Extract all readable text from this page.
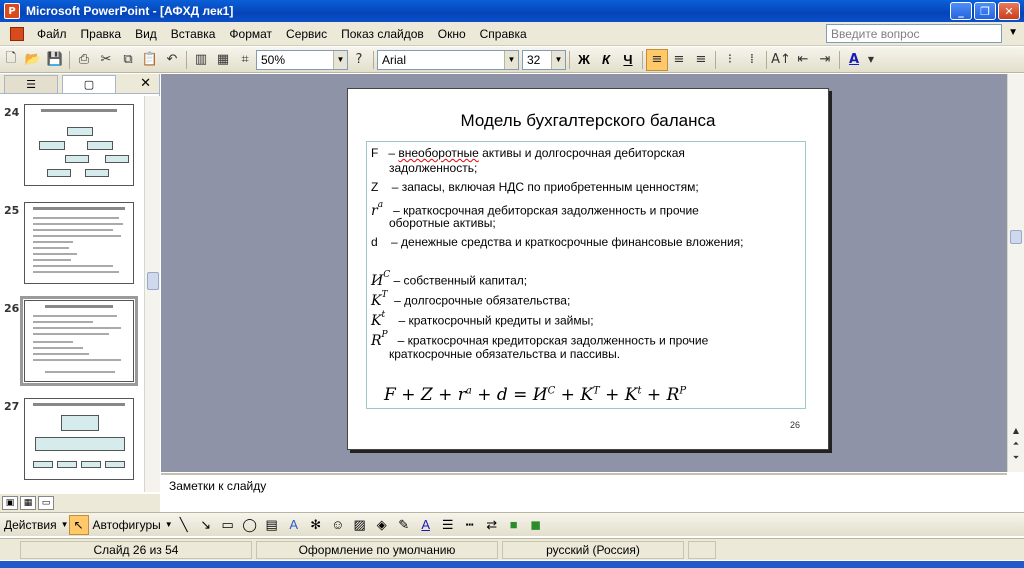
P Microsoft PowerPoint - [АФХД лек1]	_	❐	✕
Файл	Правка	Вид	Вставка	Формат	Сервис	Показ слайдов	Окно	Справка	Введите вопрос	▼
🗋 📂 💾	⎙ ✂ ⧉ 📋 ↶	▥ ▦ ⌗	50%	▼ ?	Arial	▼ 32	▼	Ж К	Ч	≡ ≡ ≡	⁝	⁞	A↑ ⇤ ⇥	A	▼
☰	▢	✕
24
25
26
27
▣	▦	▭
Модель бухгалтерского баланса
F – внеоборотные активы и долгосрочная дебиторская
задолженность;
Z – запасы, включая НДС по приобретенным ценностям;
$r^a$ – краткосрочная дебиторская задолженность и прочие
оборотные активы;
d – денежные средства и краткосрочные финансовые вложения;
$И^C$ – собственный капитал;
$K^T$ – долгосрочные обязательства;
$K^t$ – краткосрочный кредиты и займы;
$R^P$ – краткосрочная кредиторская задолженность и прочие
краткосрочные обязательства и пассивы.
$F + Z + r^a + d = И^C + K^T + K^t + R^P$
26	▲
⏶
⏷
Заметки к слайду
Действия ▼ ↖ Автофигуры ▼ ╲ ↘ ▭ ◯ ▤ A ✻ ☺ ▨ ◈ ✎ A ☰ ┅ ⇄ ■ ◼
Слайд 26 из 54	Оформление по умолчанию	русский (Россия)
